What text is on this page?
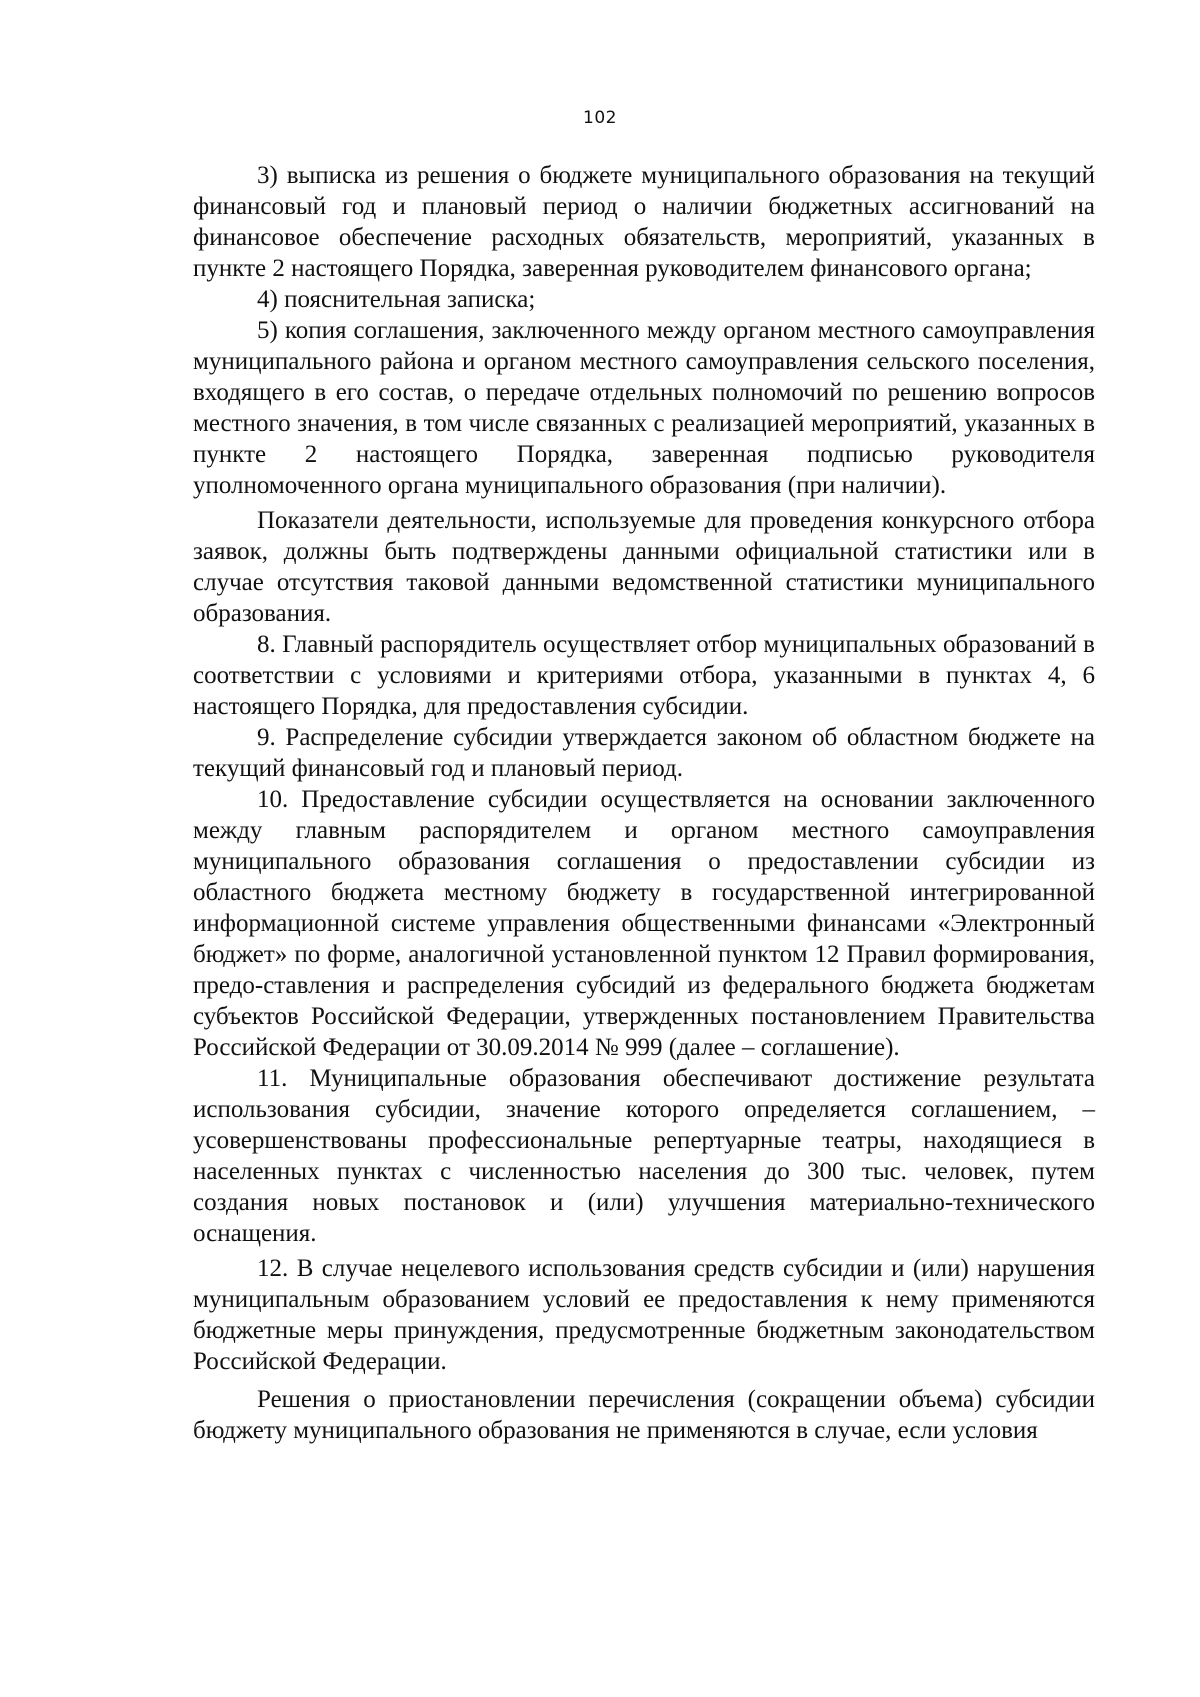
102

3) выписка из решения о бюджете муниципального образования на текущий финансовый год и плановый период о наличии бюджетных ассигнований на финансовое обеспечение расходных обязательств, мероприятий, указанных в пункте 2 настоящего Порядка, заверенная руководителем финансового органа;

4) пояснительная записка;

5) копия соглашения, заключенного между органом местного самоуправления муниципального района и органом местного самоуправления сельского поселения, входящего в его состав, о передаче отдельных полномочий по решению вопросов местного значения, в том числе связанных с реализацией мероприятий, указанных в пункте 2 настоящего Порядка, заверенная подписью руководителя уполномоченного органа муниципального образования (при наличии).

Показатели деятельности, используемые для проведения конкурсного отбора заявок, должны быть подтверждены данными официальной статистики или в случае отсутствия таковой данными ведомственной статистики муниципального образования.

8. Главный распорядитель осуществляет отбор муниципальных образований в соответствии с условиями и критериями отбора, указанными в пунктах 4, 6 настоящего Порядка, для предоставления субсидии.

9. Распределение субсидии утверждается законом об областном бюджете на текущий финансовый год и плановый период.

10. Предоставление субсидии осуществляется на основании заключенного между главным распорядителем и органом местного самоуправления муниципального образования соглашения о предоставлении субсидии из областного бюджета местному бюджету в государственной интегрированной информационной системе управления общественными финансами «Электронный бюджет» по форме, аналогичной установленной пунктом 12 Правил формирования, предо-ставления и распределения субсидий из федерального бюджета бюджетам субъектов Российской Федерации, утвержденных постановлением Правительства Российской Федерации от 30.09.2014 № 999 (далее – соглашение).

11. Муниципальные образования обеспечивают достижение результата использования субсидии, значение которого определяется соглашением, – усовершенствованы профессиональные репертуарные театры, находящиеся в населенных пунктах с численностью населения до 300 тыс. человек, путем создания новых постановок и (или) улучшения материально-технического оснащения.

12. В случае нецелевого использования средств субсидии и (или) нарушения муниципальным образованием условий ее предоставления к нему применяются бюджетные меры принуждения, предусмотренные бюджетным законодательством Российской Федерации.

Решения о приостановлении перечисления (сокращении объема) субсидии бюджету муниципального образования не применяются в случае, если условия
